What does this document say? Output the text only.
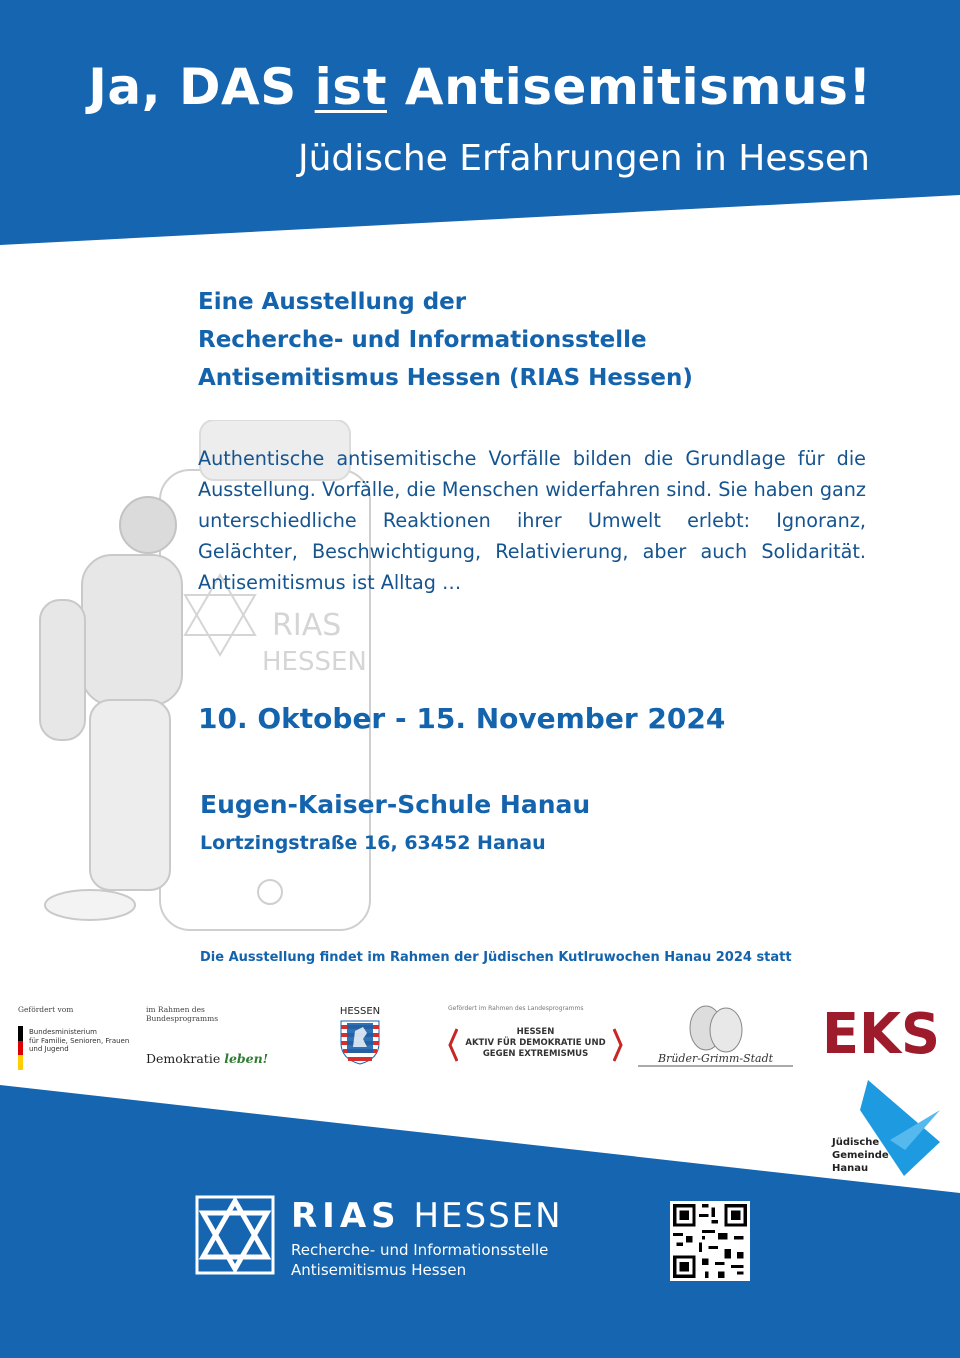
Ja, DAS ist Antisemitismus!
Jüdische Erfahrungen in Hessen
RIAS
HESSEN
Eine Ausstellung der
Recherche- und Informationsstelle
Antisemitismus Hessen (RIAS Hessen)
Authentische antisemitische Vorfälle bilden die Grundlage für die Ausstellung. Vorfälle, die Menschen widerfahren sind. Sie haben ganz unterschiedliche Reaktionen ihrer Umwelt erlebt: Ignoranz, Gelächter, Beschwichtigung, Relativierung, aber auch Solidarität. Antisemitismus ist Alltag …
10. Oktober - 15. November 2024
Eugen-Kaiser-Schule Hanau
Lortzingstraße 16, 63452 Hanau
Die Ausstellung findet im Rahmen der Jüdischen Kutlruwochen Hanau 2024 statt
Gefördert vom
Bundesministerium
für Familie, Senioren, Frauen
und Jugend
im Rahmen des Bundesprogramms
Demokratie leben!
HESSEN	Gefördert im Rahmen des Landesprogramms
HESSEN
AKTIV FÜR DEMOKRATIE UND
GEGEN EXTREMISMUS	Brüder-Grimm-Stadt EKS
Jüdische
Gemeinde
Hanau
RIAS HESSEN
Recherche- und Informationsstelle
Antisemitismus Hessen
